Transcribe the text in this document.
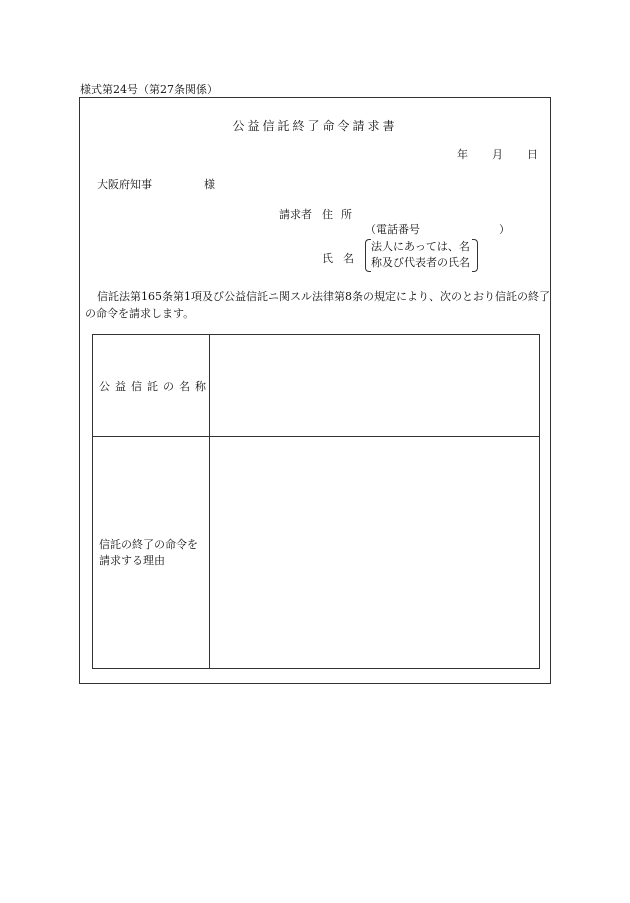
様式第24号（第27条関係）
公益信託終了命令請求書
年 月 日
大阪府知事	様
請求者 住所
（電話番号	）
氏名
法人にあっては、名
称及び代表者の氏名
信託法第165条第1項及び公益信託ニ関スル法律第8条の規定により、次のとおり信託の終了の命令を請求します。
公益信託の名称
信託の終了の命令を請求する理由
